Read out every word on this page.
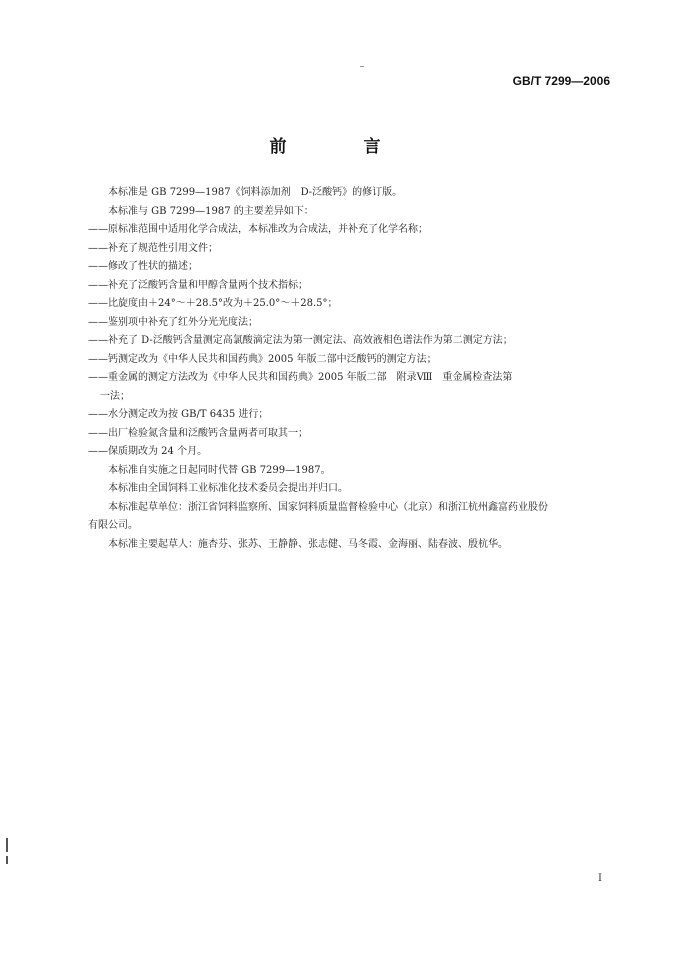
GB/T 7299—2006
前　言

本标准是 GB 7299—1987《饲料添加剂　D-泛酸钙》的修订版。

本标准与 GB 7299—1987 的主要差异如下：

——原标准范围中适用化学合成法，本标准改为合成法，并补充了化学名称；

——补充了规范性引用文件；

——修改了性状的描述；

——补充了泛酸钙含量和甲醇含量两个技术指标；

——比旋度由＋24°～＋28.5°改为＋25.0°～＋28.5°；

——鉴别项中补充了红外分光光度法；

——补充了 D-泛酸钙含量测定高氯酸滴定法为第一测定法、高效液相色谱法作为第二测定方法；

——钙测定改为《中华人民共和国药典》2005 年版二部中泛酸钙的测定方法；

——重金属的测定方法改为《中华人民共和国药典》2005 年版二部　附录Ⅷ　重金属检查法第

一法；

——水分测定改为按 GB/T 6435 进行；

——出厂检验氮含量和泛酸钙含量两者可取其一；

——保质期改为 24 个月。

本标准自实施之日起同时代替 GB 7299—1987。

本标准由全国饲料工业标准化技术委员会提出并归口。

本标准起草单位：浙江省饲料监察所、国家饲料质量监督检验中心（北京）和浙江杭州鑫富药业股份

有限公司。

本标准主要起草人：施杏芬、张苏、王静静、张志健、马冬霞、金海丽、陆春波、殷杭华。

I
